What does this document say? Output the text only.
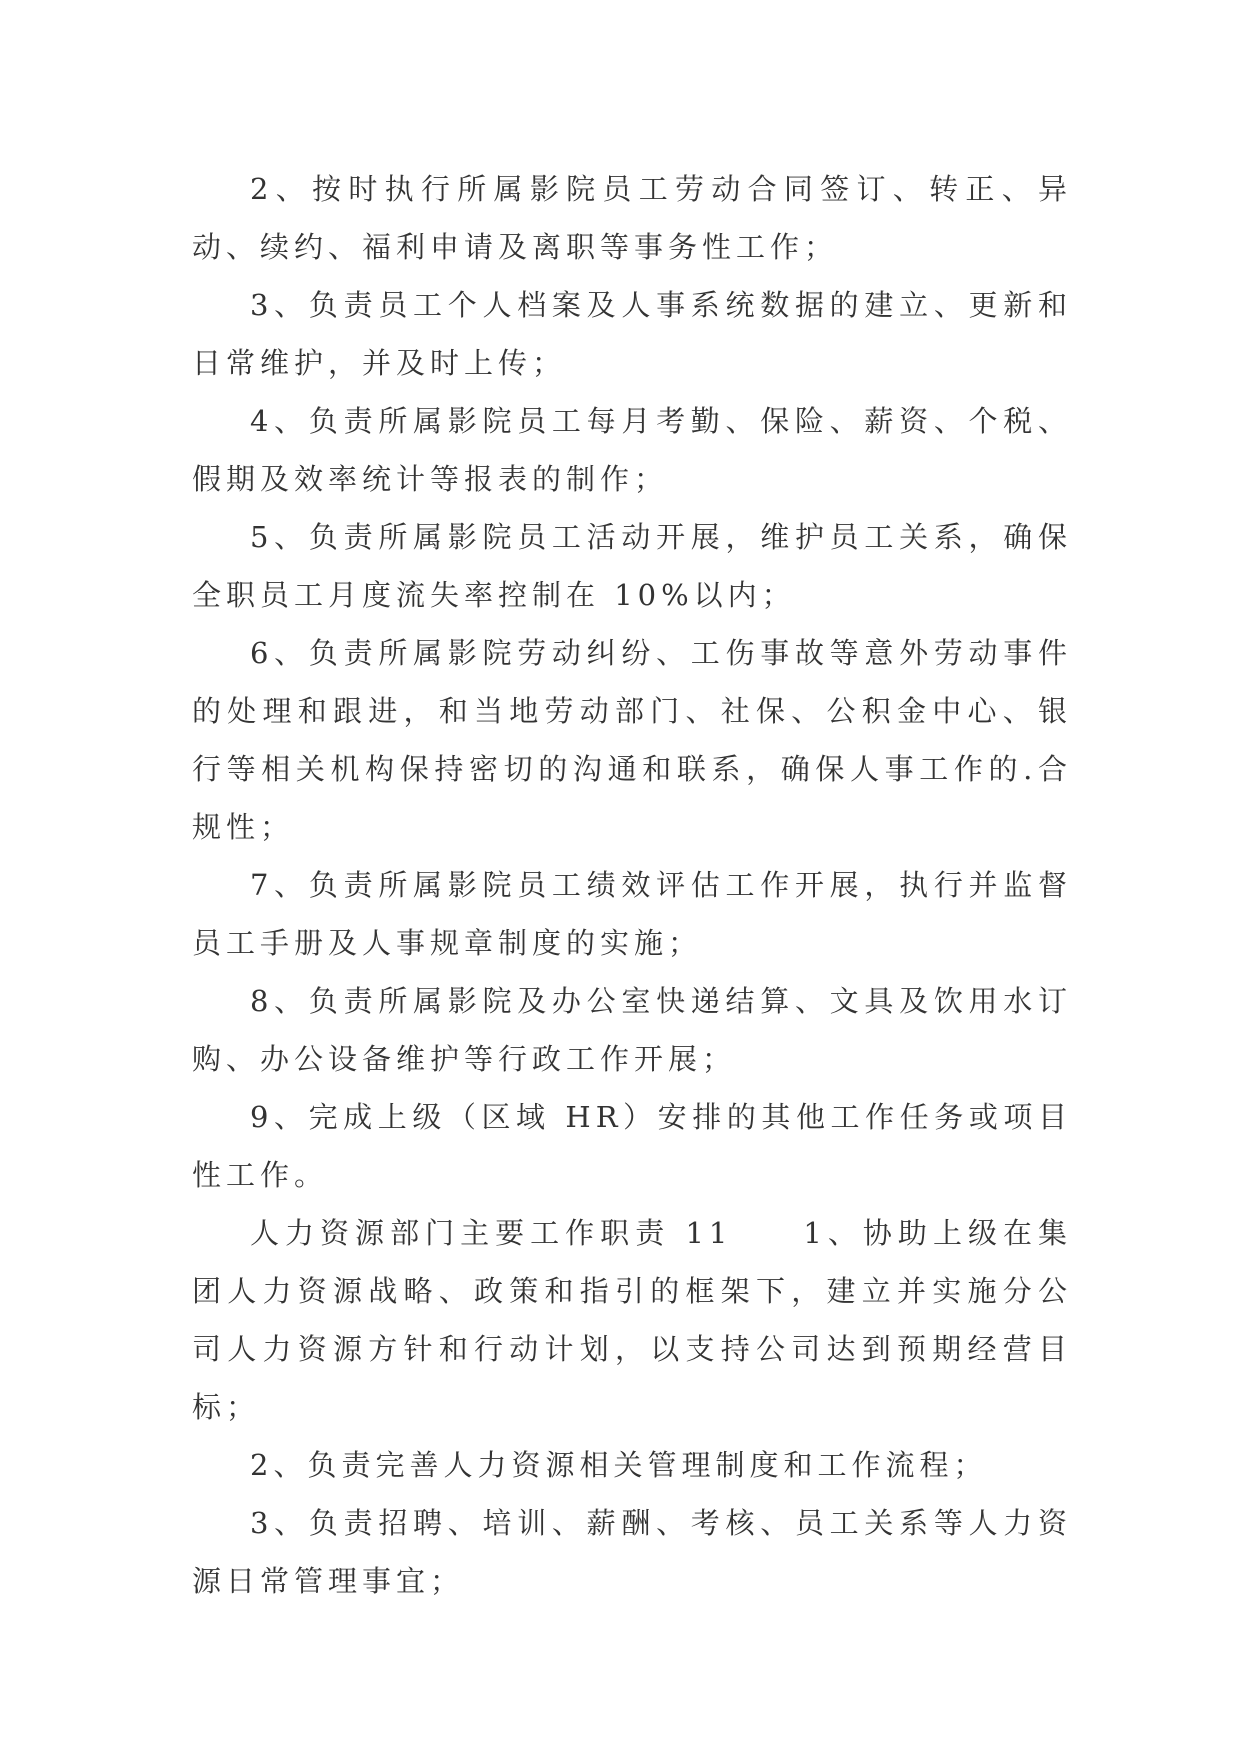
2、按时执行所属影院员工劳动合同签订、转正、异动、续约、福利申请及离职等事务性工作；

3、负责员工个人档案及人事系统数据的建立、更新和日常维护，并及时上传；

4、负责所属影院员工每月考勤、保险、薪资、个税、假期及效率统计等报表的制作；

5、负责所属影院员工活动开展，维护员工关系，确保全职员工月度流失率控制在 10%以内；

6、负责所属影院劳动纠纷、工伤事故等意外劳动事件的处理和跟进，和当地劳动部门、社保、公积金中心、银行等相关机构保持密切的沟通和联系，确保人事工作的.合规性；

7、负责所属影院员工绩效评估工作开展，执行并监督员工手册及人事规章制度的实施；

8、负责所属影院及办公室快递结算、文具及饮用水订购、办公设备维护等行政工作开展；

9、完成上级（区域 HR）安排的其他工作任务或项目性工作。

人力资源部门主要工作职责 11　　1、协助上级在集团人力资源战略、政策和指引的框架下，建立并实施分公司人力资源方针和行动计划，以支持公司达到预期经营目标；

2、负责完善人力资源相关管理制度和工作流程；

3、负责招聘、培训、薪酬、考核、员工关系等人力资源日常管理事宜；
